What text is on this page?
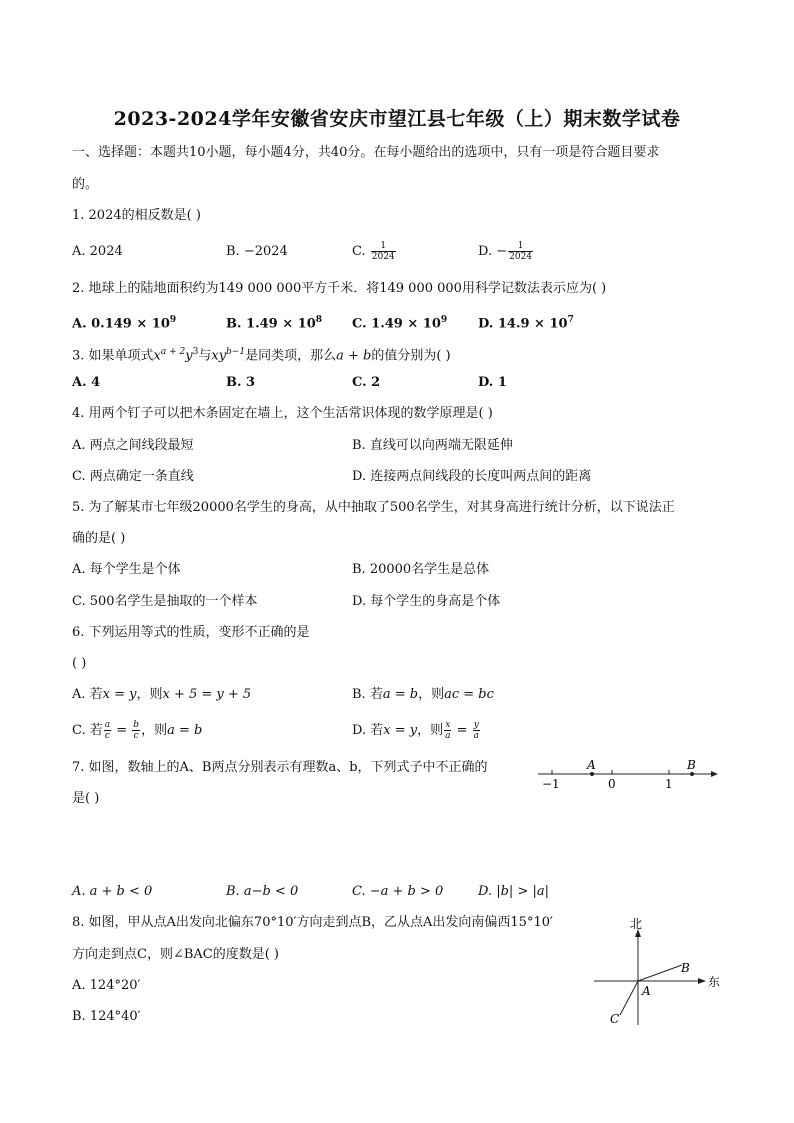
2023-2024学年安徽省安庆市望江县七年级（上）期末数学试卷
一、选择题：本题共10小题，每小题4分，共40分。在每小题给出的选项中，只有一项是符合题目要求
的。
1. 2024的相反数是( )
A. 2024	B. −2024	C. $\frac{1}{2024}$	D. − $\frac{1}{2024}$
2. 地球上的陆地面积约为149 000 000平方千米．将149 000 000用科学记数法表示应为( )
A. $0.149 \times 10^9$	B. $1.49 \times 10^8$ C. $1.49 \times 10^9$ D. $14.9 \times 10^7$
3. 如果单项式$x^{a + 2}y^3$与$xy^{b-1}$是同类项，那么a + b的值分别为( )
A. 4	B. 3	C. 2	D. 1
4. 用两个钉子可以把木条固定在墙上，这个生活常识体现的数学原理是( )
A. 两点之间线段最短	B. 直线可以向两端无限延伸
C. 两点确定一条直线	D. 连接两点间线段的长度叫两点间的距离
5. 为了解某市七年级20000名学生的身高，从中抽取了500名学生，对其身高进行统计分析，以下说法正
确的是( )
A. 每个学生是个体	B. 20000名学生是总体
C. 500名学生是抽取的一个样本	D. 每个学生的身高是个体
6. 下列运用等式的性质，变形不正确的是
( )
A. 若x = y，则x + 5 = y + 5	B. 若a = b，则ac = bc
C. 若 $\frac{a}{c} = \frac{b}{c}$ ，则a = b	D. 若x = y，则 $\frac{x}{a} = \frac{y}{a}$
7. 如图，数轴上的A、B两点分别表示有理数a、b，下列式子中不正确的
是( )
A	B
−1	0	1
A. a + b < 0	B. a−b < 0	C. −a + b > 0	D. |b| > |a|
8. 如图，甲从点A出发向北偏东70°10′方向走到点B，乙从点A出发向南偏西15°10′
方向走到点C，则∠BAC的度数是( )
A. 124°20′
B. 124°40′
北
东
A
B
C
